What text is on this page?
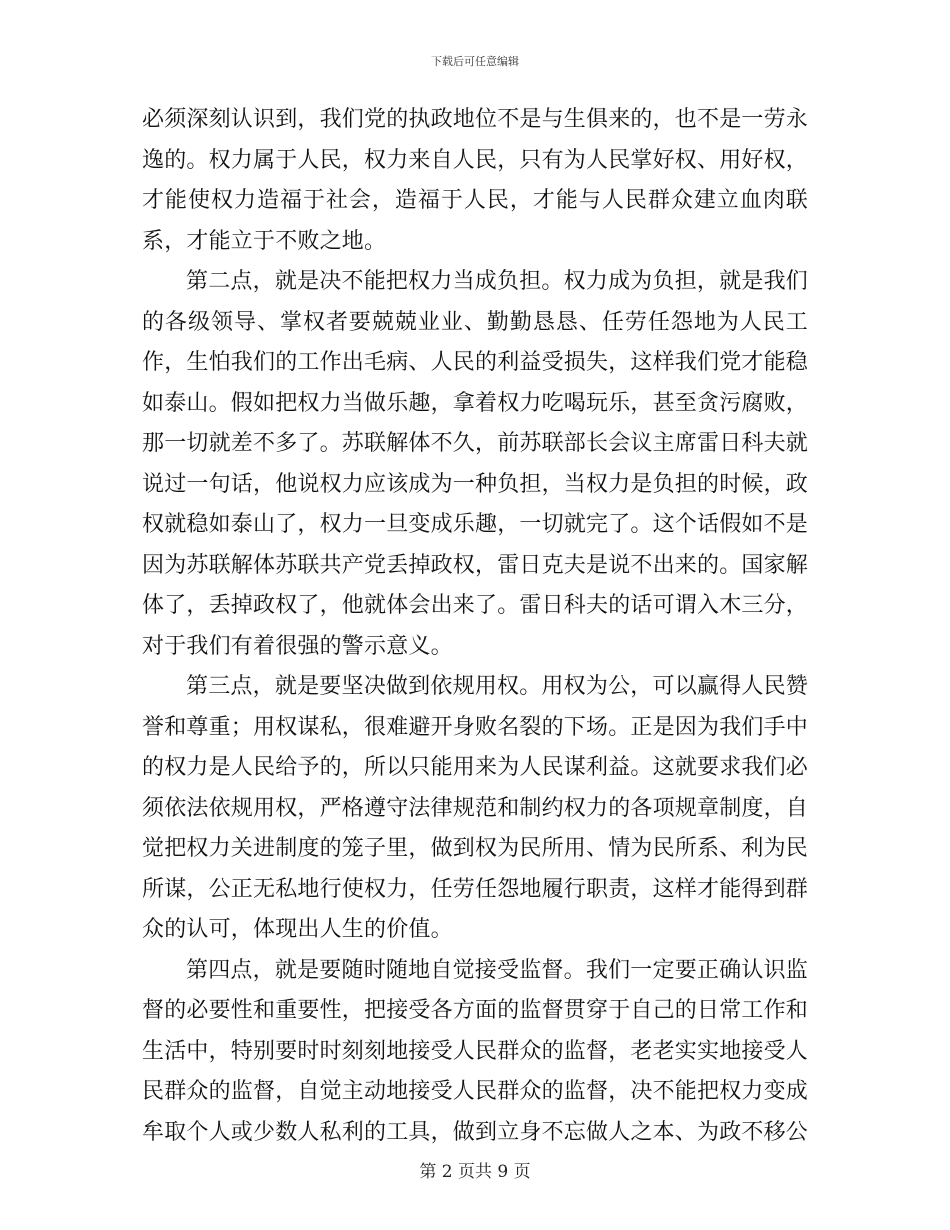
下载后可任意编辑

必须深刻认识到，我们党的执政地位不是与生俱来的，也不是一劳永逸的。权力属于人民，权力来自人民，只有为人民掌好权、用好权，才能使权力造福于社会，造福于人民，才能与人民群众建立血肉联系，才能立于不败之地。

第二点，就是决不能把权力当成负担。权力成为负担，就是我们的各级领导、掌权者要兢兢业业、勤勤恳恳、任劳任怨地为人民工作，生怕我们的工作出毛病、人民的利益受损失，这样我们党才能稳如泰山。假如把权力当做乐趣，拿着权力吃喝玩乐，甚至贪污腐败，那一切就差不多了。苏联解体不久，前苏联部长会议主席雷日科夫就说过一句话，他说权力应该成为一种负担，当权力是负担的时候，政权就稳如泰山了，权力一旦变成乐趣，一切就完了。这个话假如不是因为苏联解体苏联共产党丢掉政权，雷日克夫是说不出来的。国家解体了，丢掉政权了，他就体会出来了。雷日科夫的话可谓入木三分，对于我们有着很强的警示意义。

第三点，就是要坚决做到依规用权。用权为公，可以赢得人民赞誉和尊重；用权谋私，很难避开身败名裂的下场。正是因为我们手中的权力是人民给予的，所以只能用来为人民谋利益。这就要求我们必须依法依规用权，严格遵守法律规范和制约权力的各项规章制度，自觉把权力关进制度的笼子里，做到权为民所用、情为民所系、利为民所谋，公正无私地行使权力，任劳任怨地履行职责，这样才能得到群众的认可，体现出人生的价值。

第四点，就是要随时随地自觉接受监督。我们一定要正确认识监督的必要性和重要性，把接受各方面的监督贯穿于自己的日常工作和生活中，特别要时时刻刻地接受人民群众的监督，老老实实地接受人民群众的监督，自觉主动地接受人民群众的监督，决不能把权力变成牟取个人或少数人私利的工具，做到立身不忘做人之本、为政不移公

第 2 页共 9 页
